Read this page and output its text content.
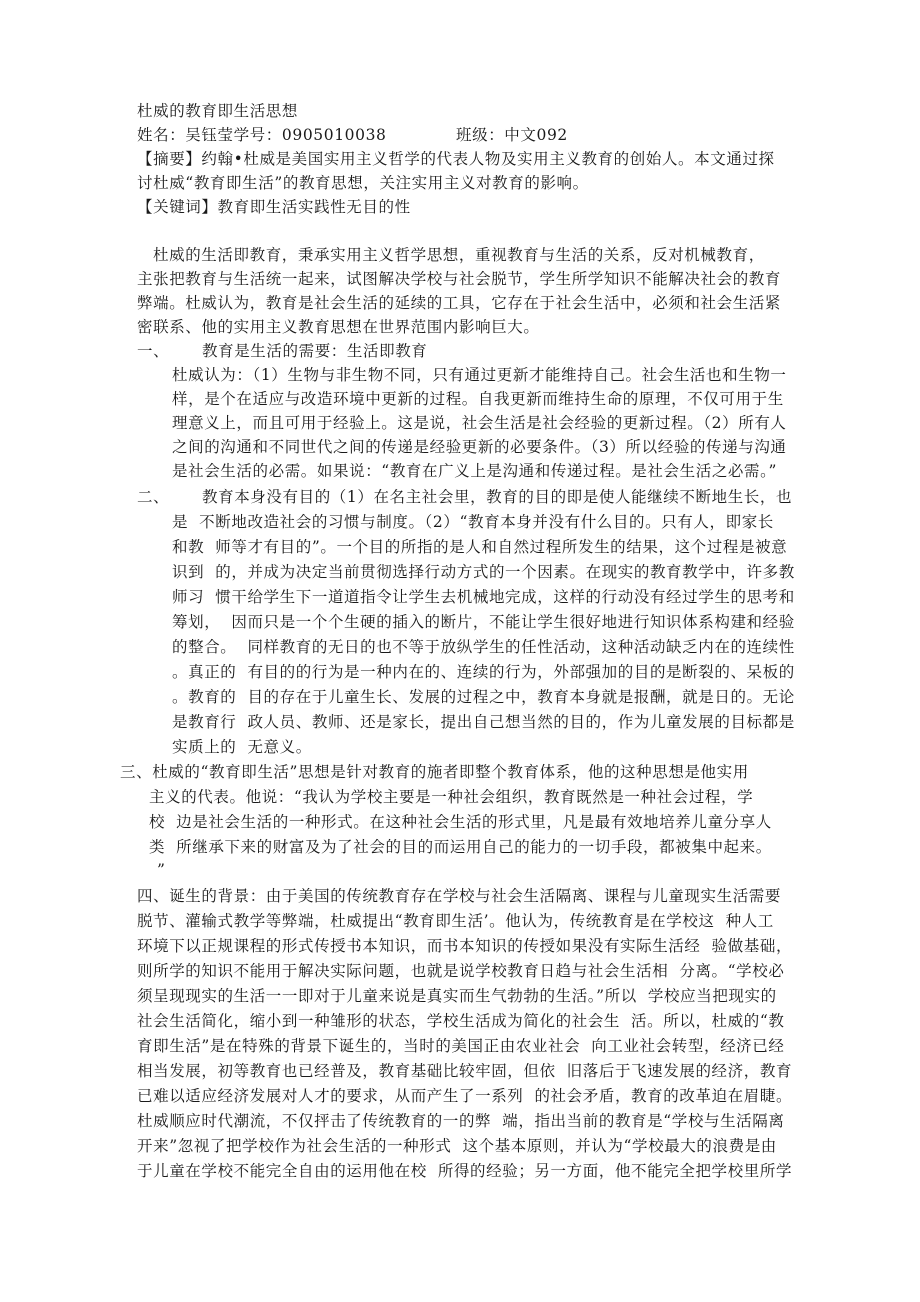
杜威的教育即生活思想
姓名：吴钰莹学号：0905010038	班级：中文092
【摘要】约翰•杜威是美国实用主义哲学的代表人物及实用主义教育的创始人。本文通过探
讨杜威“教育即生活”的教育思想，关注实用主义对教育的影响。
【关键词】教育即生活实践性无目的性
杜威的生活即教育，秉承实用主义哲学思想，重视教育与生活的关系，反对机械教育，
主张把教育与生活统一起来，试图解决学校与社会脱节，学生所学知识不能解决社会的教育
弊端。杜威认为，教育是社会生活的延续的工具，它存在于社会生活中，必须和社会生活紧
密联系、他的实用主义教育思想在世界范围内影响巨大。
一、 教育是生活的需要：生活即教育
杜威认为：（1）生物与非生物不同，只有通过更新才能维持自己。社会生活也和生物一
样，是个在适应与改造环境中更新的过程。自我更新而维持生命的原理，不仅可用于生
理意义上，而且可用于经验上。这是说，社会生活是社会经验的更新过程。（2）所有人
之间的沟通和不同世代之间的传递是经验更新的必要条件。（3）所以经验的传递与沟通
是社会生活的必需。如果说：“教育在广义上是沟通和传递过程。是社会生活之必需。”
二、 教育本身没有目的（1）在名主社会里，教育的目的即是使人能继续不断地生长，也
是  不断地改造社会的习惯与制度。（2）“教育本身并没有什么目的。只有人，即家长
和教  师等才有目的”。一个目的所指的是人和自然过程所发生的结果，这个过程是被意
识到  的，并成为决定当前贯彻选择行动方式的一个因素。在现实的教育教学中，许多教
师习  惯干给学生下一道道指令让学生去机械地完成，这样的行动没有经过学生的思考和
筹划，  因而只是一个个生硬的插入的断片，不能让学生很好地进行知识体系构建和经验
的整合。  同样教育的无日的也不等于放纵学生的任性活动，这种活动缺乏内在的连续性
。真正的  有目的的行为是一种内在的、连续的行为，外部强加的目的是断裂的、呆板的
。教育的  目的存在于儿童生长、发展的过程之中，教育本身就是报酬，就是日的。无论
是教育行  政人员、教师、还是家长，提出自己想当然的目的，作为儿童发展的目标都是
实质上的  无意义。
三、杜威的“教育即生活”思想是针对教育的施者即整个教育体系，他的这种思想是他实用
主义的代表。他说：“我认为学校主要是一种社会组织，教育既然是一种社会过程，学
校  边是社会生活的一种形式。在这种社会生活的形式里，凡是最有效地培养儿童分享人
类  所继承下来的财富及为了社会的目的而运用自己的能力的一切手段，都被集中起来。
”
四、诞生的背景：由于美国的传统教育存在学校与社会生活隔离、课程与儿童现实生活需要
脱节、灌输式教学等弊端，杜威提出“教育即生活’。他认为，传统教育是在学校这  种人工
环境下以正规课程的形式传授书本知识，而书本知识的传授如果没有实际生活经  验做基础，
则所学的知识不能用于解决实际问题，也就是说学校教育日趋与社会生活相  分离。“学校必
须呈现现实的生活一一即对于儿童来说是真实而生气勃勃的生活。”所以  学校应当把现实的
社会生活简化，缩小到一种雏形的状态，学校生活成为简化的社会生  活。所以，杜威的“教
育即生活”是在特殊的背景下诞生的，当时的美国正由农业社会  向工业社会转型，经济已经
相当发展，初等教育也已经普及，教育基础比较牢固，但依  旧落后于飞速发展的经济，教育
已难以适应经济发展对人才的要求，从而产生了一系列  的社会矛盾，教育的改革迫在眉睫。
杜威顺应时代潮流，不仅抨击了传统教育的一的弊  端，指出当前的教育是“学校与生活隔离
开来”忽视了把学校作为社会生活的一种形式  这个基本原则，并认为“学校最大的浪费是由
于儿童在学校不能完全自由的运用他在校  所得的经验；另一方面，他不能完全把学校里所学
